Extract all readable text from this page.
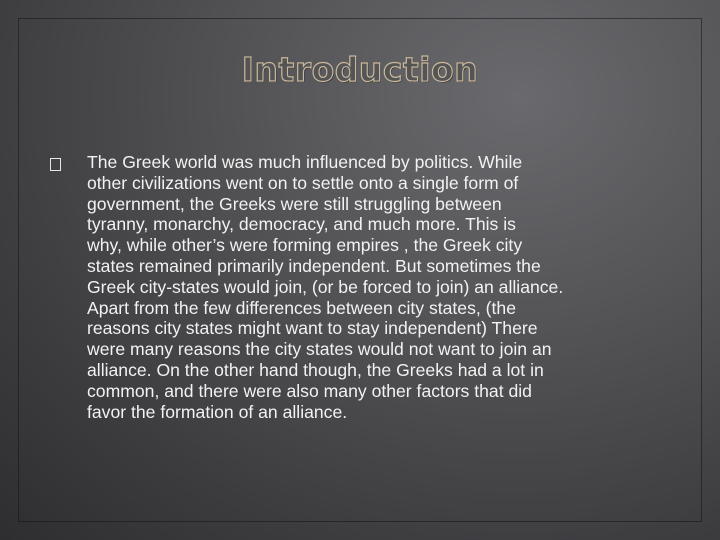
Introduction

The Greek world was much influenced by politics. While
other civilizations went on to settle onto a single form of
government, the Greeks were still struggling between
tyranny, monarchy, democracy, and much more. This is
why, while other’s were forming empires , the Greek city
states remained primarily independent. But sometimes the
Greek city-states would join, (or be forced to join) an alliance.
Apart from the few differences between city states, (the
reasons city states might want to stay independent) There
were many reasons the city states would not want to join an
alliance. On the other hand though, the Greeks had a lot in
common, and there were also many other factors that did
favor the formation of an alliance.
